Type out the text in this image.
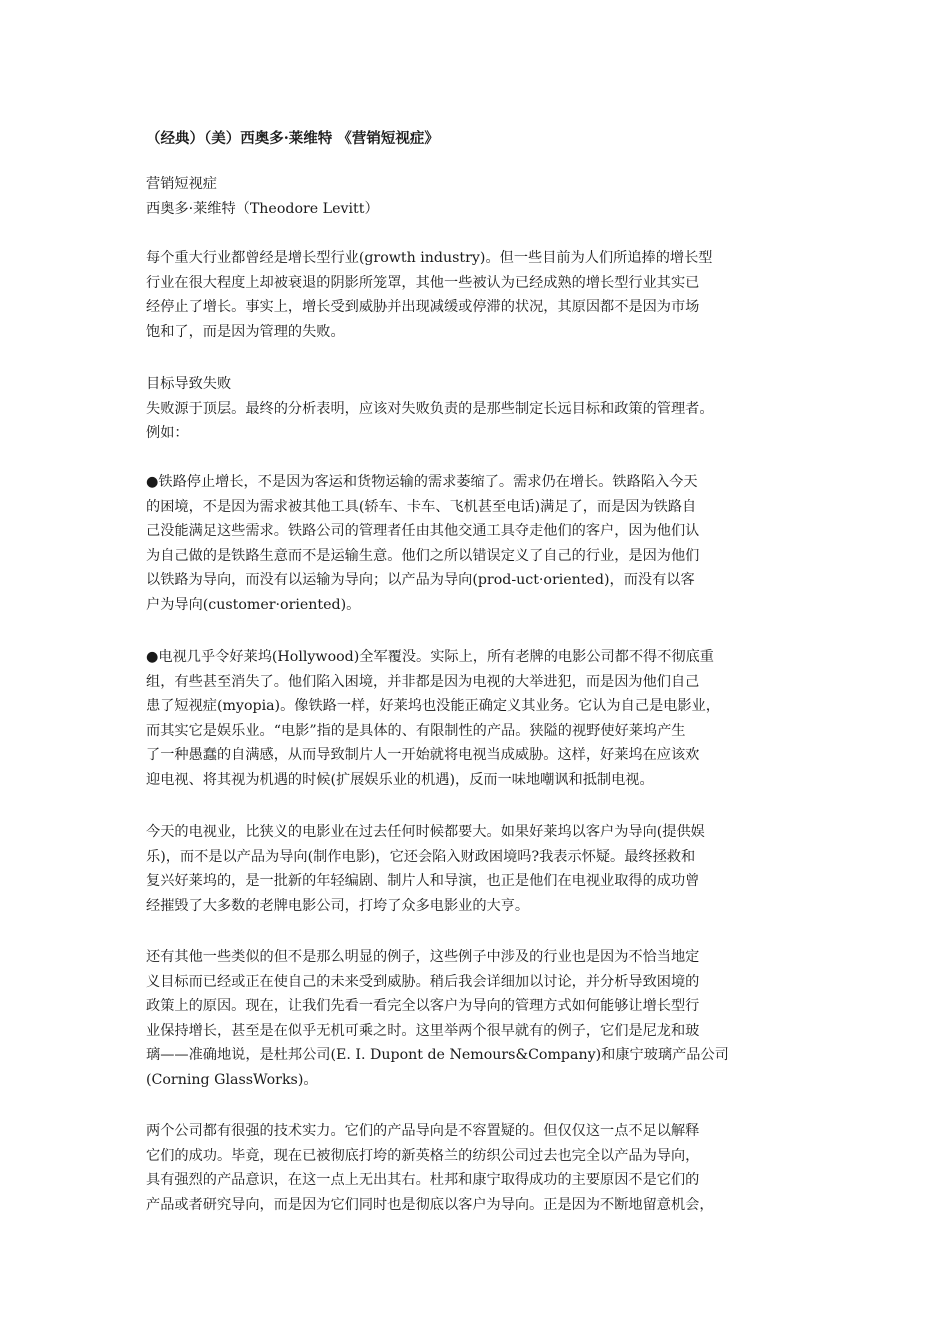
（经典）（美）西奥多·莱维特 《营销短视症》
营销短视症
西奥多·莱维特（Theodore Levitt）
每个重大行业都曾经是增长型行业(growth industry)。但一些目前为人们所追捧的增长型
行业在很大程度上却被衰退的阴影所笼罩，其他一些被认为已经成熟的增长型行业其实已
经停止了增长。事实上，增长受到威胁并出现减缓或停滞的状况，其原因都不是因为市场
饱和了，而是因为管理的失败。
目标导致失败
失败源于顶层。最终的分析表明，应该对失败负责的是那些制定长远目标和政策的管理者。
例如：
●铁路停止增长，不是因为客运和货物运输的需求萎缩了。需求仍在增长。铁路陷入今天
的困境，不是因为需求被其他工具(轿车、卡车、飞机甚至电话)满足了，而是因为铁路自
己没能满足这些需求。铁路公司的管理者任由其他交通工具夺走他们的客户，因为他们认
为自己做的是铁路生意而不是运输生意。他们之所以错误定义了自己的行业，是因为他们
以铁路为导向，而没有以运输为导向；以产品为导向(prod-uct·oriented)，而没有以客
户为导向(customer·oriented)。
●电视几乎令好莱坞(Hollywood)全军覆没。实际上，所有老牌的电影公司都不得不彻底重
组，有些甚至消失了。他们陷入困境，并非都是因为电视的大举进犯，而是因为他们自己
患了短视症(myopia)。像铁路一样，好莱坞也没能正确定义其业务。它认为自己是电影业，
而其实它是娱乐业。“电影”指的是具体的、有限制性的产品。狭隘的视野使好莱坞产生
了一种愚蠢的自满感，从而导致制片人一开始就将电视当成威胁。这样，好莱坞在应该欢
迎电视、将其视为机遇的时候(扩展娱乐业的机遇)，反而一味地嘲讽和抵制电视。
今天的电视业，比狭义的电影业在过去任何时候都要大。如果好莱坞以客户为导向(提供娱
乐)，而不是以产品为导向(制作电影)，它还会陷入财政困境吗?我表示怀疑。最终拯救和
复兴好莱坞的，是一批新的年轻编剧、制片人和导演，也正是他们在电视业取得的成功曾
经摧毁了大多数的老牌电影公司，打垮了众多电影业的大亨。
还有其他一些类似的但不是那么明显的例子，这些例子中涉及的行业也是因为不恰当地定
义目标而已经或正在使自己的未来受到威胁。稍后我会详细加以讨论，并分析导致困境的
政策上的原因。现在，让我们先看一看完全以客户为导向的管理方式如何能够让增长型行
业保持增长，甚至是在似乎无机可乘之时。这里举两个很早就有的例子，它们是尼龙和玻
璃——准确地说，是杜邦公司(E. I. Dupont de Nemours&Company)和康宁玻璃产品公司
(Corning GlassWorks)。
两个公司都有很强的技术实力。它们的产品导向是不容置疑的。但仅仅这一点不足以解释
它们的成功。毕竟，现在已被彻底打垮的新英格兰的纺织公司过去也完全以产品为导向，
具有强烈的产品意识，在这一点上无出其右。杜邦和康宁取得成功的主要原因不是它们的
产品或者研究导向，而是因为它们同时也是彻底以客户为导向。正是因为不断地留意机会，
